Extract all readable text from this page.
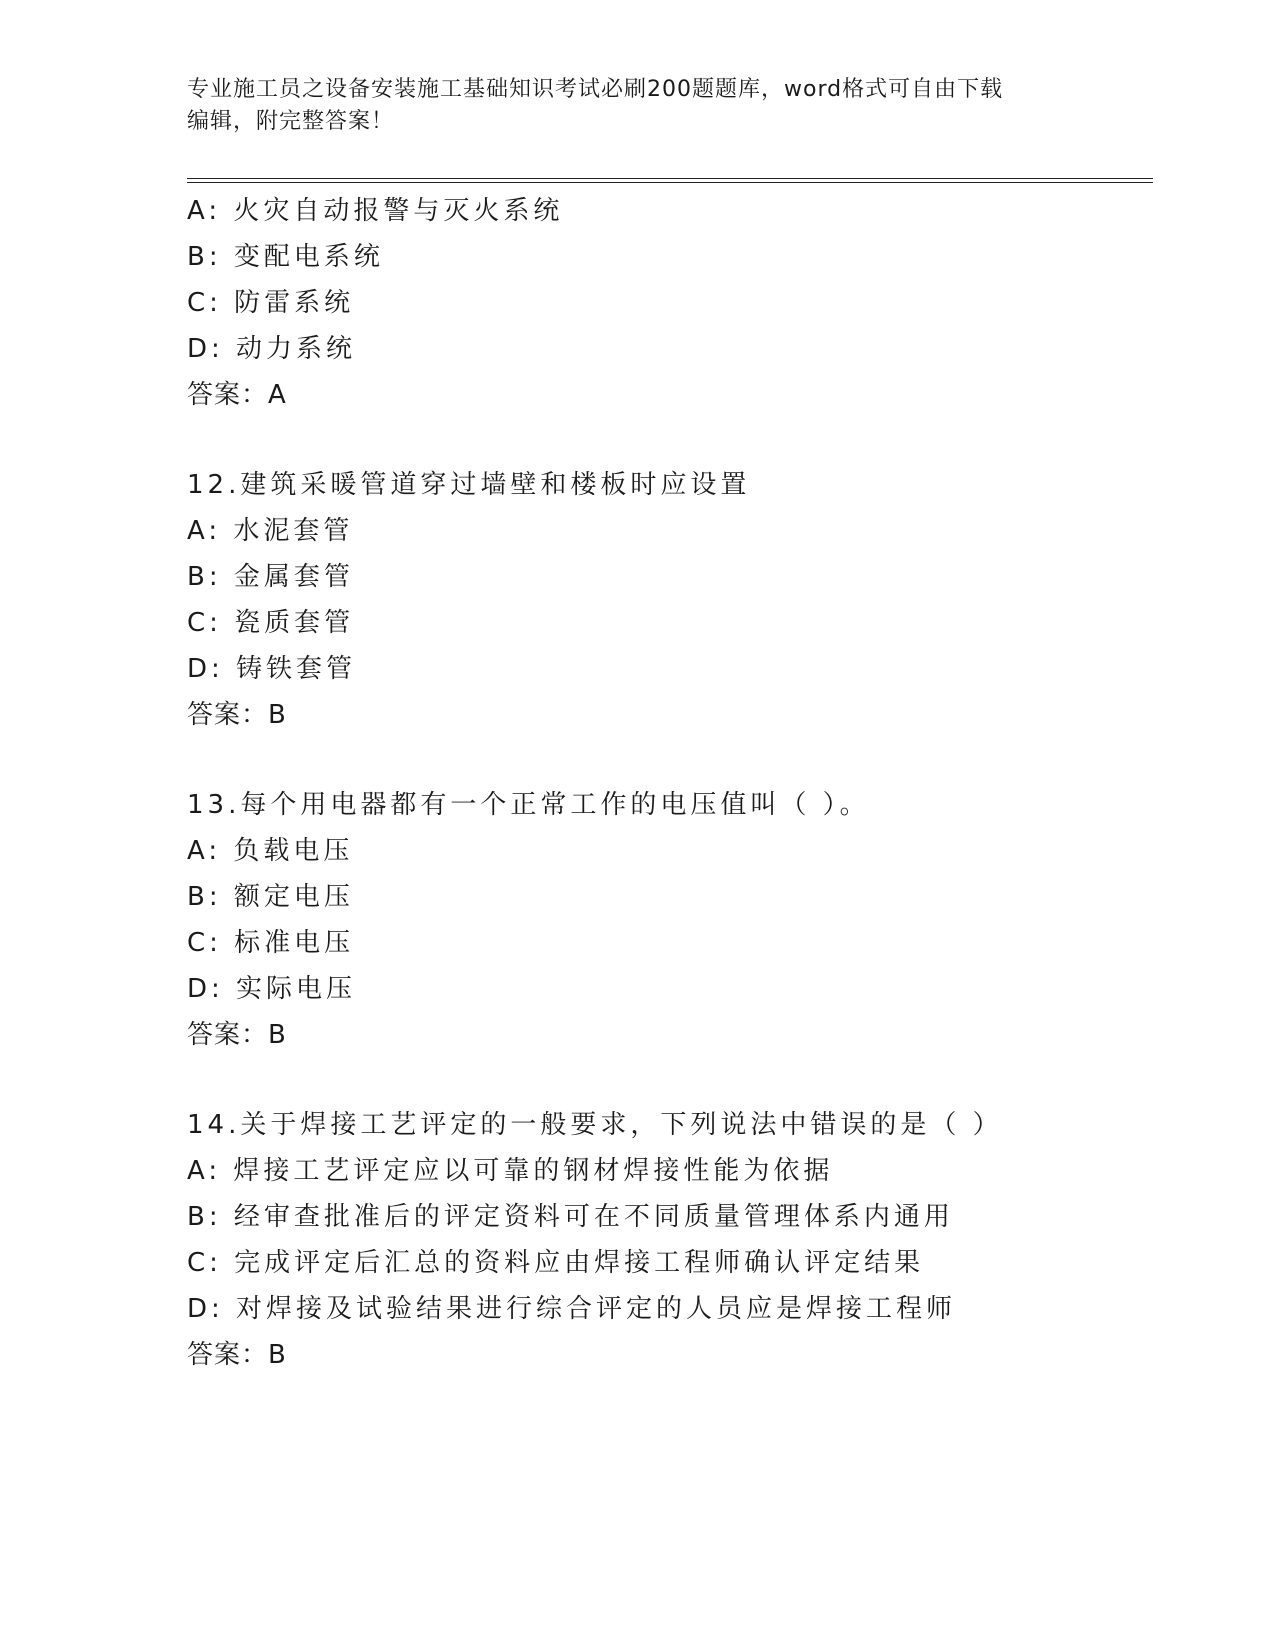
专业施工员之设备安装施工基础知识考试必刷200题题库，word格式可自由下载
编辑，附完整答案！
A: 火灾自动报警与灭火系统
B: 变配电系统
C: 防雷系统
D: 动力系统
答案：A
12.建筑采暖管道穿过墙壁和楼板时应设置
A: 水泥套管
B: 金属套管
C: 瓷质套管
D: 铸铁套管
答案：B
13.每个用电器都有一个正常工作的电压值叫（ ）。
A: 负载电压
B: 额定电压
C: 标准电压
D: 实际电压
答案：B
14.关于焊接工艺评定的一般要求，下列说法中错误的是（ ）
A: 焊接工艺评定应以可靠的钢材焊接性能为依据
B: 经审查批准后的评定资料可在不同质量管理体系内通用
C: 完成评定后汇总的资料应由焊接工程师确认评定结果
D: 对焊接及试验结果进行综合评定的人员应是焊接工程师
答案：B
